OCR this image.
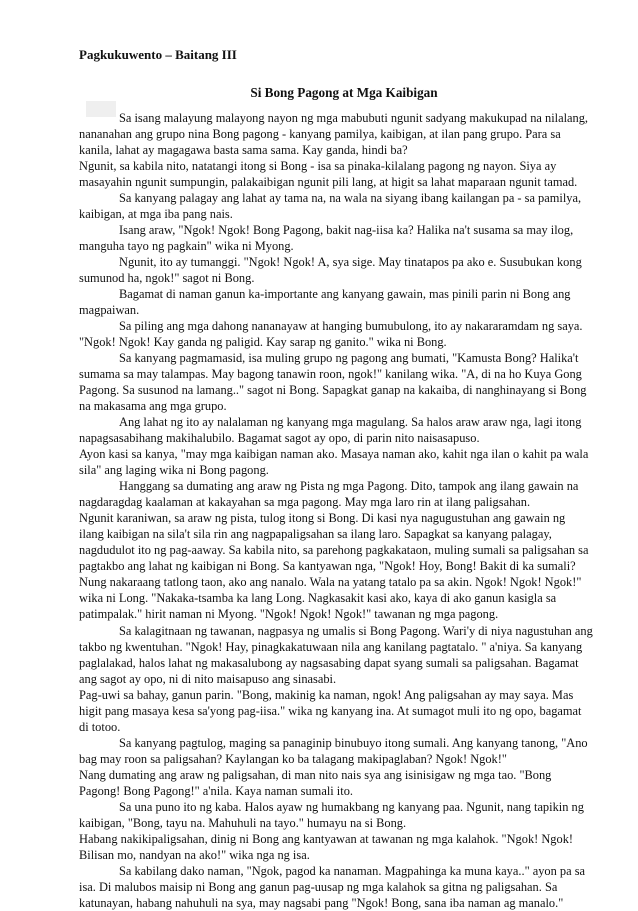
Pagkukuwento – Baitang III
Si Bong Pagong at Mga Kaibigan

Sa isang malayung malayong nayon ng mga mabubuti ngunit sadyang makukupad na nilalang, nananahan ang grupo nina Bong pagong - kanyang pamilya, kaibigan, at ilan pang grupo. Para sa kanila, lahat ay magagawa basta sama sama. Kay ganda, hindi ba?

Ngunit, sa kabila nito, natatangi itong si Bong - isa sa pinaka-kilalang pagong ng nayon. Siya ay masayahin ngunit sumpungin, palakaibigan ngunit pili lang, at higit sa lahat maparaan ngunit tamad.

Sa kanyang palagay ang lahat ay tama na, na wala na siyang ibang kailangan pa - sa pamilya, kaibigan, at mga iba pang nais.

Isang araw, "Ngok! Ngok! Bong Pagong, bakit nag-iisa ka? Halika na't susama sa may ilog, manguha tayo ng pagkain" wika ni Myong.

Ngunit, ito ay tumanggi. "Ngok! Ngok! A, sya sige. May tinatapos pa ako e. Susubukan kong sumunod ha, ngok!" sagot ni Bong.

Bagamat di naman ganun ka-importante ang kanyang gawain, mas pinili parin ni Bong ang magpaiwan.

Sa piling ang mga dahong nananayaw at hanging bumubulong, ito ay nakararamdam ng saya. "Ngok! Ngok! Kay ganda ng paligid. Kay sarap ng ganito." wika ni Bong.

Sa kanyang pagmamasid, isa muling grupo ng pagong ang bumati, "Kamusta Bong? Halika't sumama sa may talampas. May bagong tanawin roon, ngok!" kanilang wika. "A, di na ho Kuya Gong Pagong. Sa susunod na lamang.." sagot ni Bong. Sapagkat ganap na kakaiba, di nanghinayang si Bong na makasama ang mga grupo.

Ang lahat ng ito ay nalalaman ng kanyang mga magulang. Sa halos araw araw nga, lagi itong napagsasabihang makihalubilo. Bagamat sagot ay opo, di parin nito naisasapuso.

Ayon kasi sa kanya, "may mga kaibigan naman ako. Masaya naman ako, kahit nga ilan o kahit pa wala sila" ang laging wika ni Bong pagong.

Hanggang sa dumating ang araw ng Pista ng mga Pagong. Dito, tampok ang ilang gawain na nagdaragdag kaalaman at kakayahan sa mga pagong. May mga laro rin at ilang paligsahan.

Ngunit karaniwan, sa araw ng pista, tulog itong si Bong. Di kasi nya nagugustuhan ang gawain ng ilang kaibigan na sila't sila rin ang nagpapaligsahan sa ilang laro. Sapagkat sa kanyang palagay, nagdudulot ito ng pag-aaway. Sa kabila nito, sa parehong pagkakataon, muling sumali sa paligsahan sa pagtakbo ang lahat ng kaibigan ni Bong. Sa kantyawan nga, "Ngok! Hoy, Bong! Bakit di ka sumali? Nung nakaraang tatlong taon, ako ang nanalo. Wala na yatang tatalo pa sa akin. Ngok! Ngok! Ngok!" wika ni Long. "Nakaka-tsamba ka lang Long. Nagkasakit kasi ako, kaya di ako ganun kasigla sa patimpalak." hirit naman ni Myong. "Ngok! Ngok! Ngok!" tawanan ng mga pagong.

Sa kalagitnaan ng tawanan, nagpasya ng umalis si Bong Pagong. Wari'y di niya nagustuhan ang takbo ng kwentuhan. "Ngok! Hay, pinagkakatuwaan nila ang kanilang pagtatalo. " a'niya. Sa kanyang paglalakad, halos lahat ng makasalubong ay nagsasabing dapat syang sumali sa paligsahan. Bagamat ang sagot ay opo, ni di nito maisapuso ang sinasabi.

Pag-uwi sa bahay, ganun parin. "Bong, makinig ka naman, ngok! Ang paligsahan ay may saya. Mas higit pang masaya kesa sa'yong pag-iisa." wika ng kanyang ina. At sumagot muli ito ng opo, bagamat di totoo.

Sa kanyang pagtulog, maging sa panaginip binubuyo itong sumali. Ang kanyang tanong, "Ano bag may roon sa paligsahan? Kaylangan ko ba talagang makipaglaban? Ngok! Ngok!"

Nang dumating ang araw ng paligsahan, di man nito nais sya ang isinisigaw ng mga tao. "Bong Pagong! Bong Pagong!" a'nila. Kaya naman sumali ito.

Sa una puno ito ng kaba. Halos ayaw ng humakbang ng kanyang paa. Ngunit, nang tapikin ng kaibigan, "Bong, tayu na. Mahuhuli na tayo." humayu na si Bong.

Habang nakikipaligsahan, dinig ni Bong ang kantyawan at tawanan ng mga kalahok. "Ngok! Ngok! Bilisan mo, nandyan na ako!" wika nga ng isa.

Sa kabilang dako naman, "Ngok, pagod ka nanaman. Magpahinga ka muna kaya.." ayon pa sa isa. Di malubos maisip ni Bong ang ganun pag-uusap ng mga kalahok sa gitna ng paligsahan. Sa katunayan, habang nahuhuli na sya, may nagsabi pang "Ngok! Bong, sana iba naman ag manalo."
